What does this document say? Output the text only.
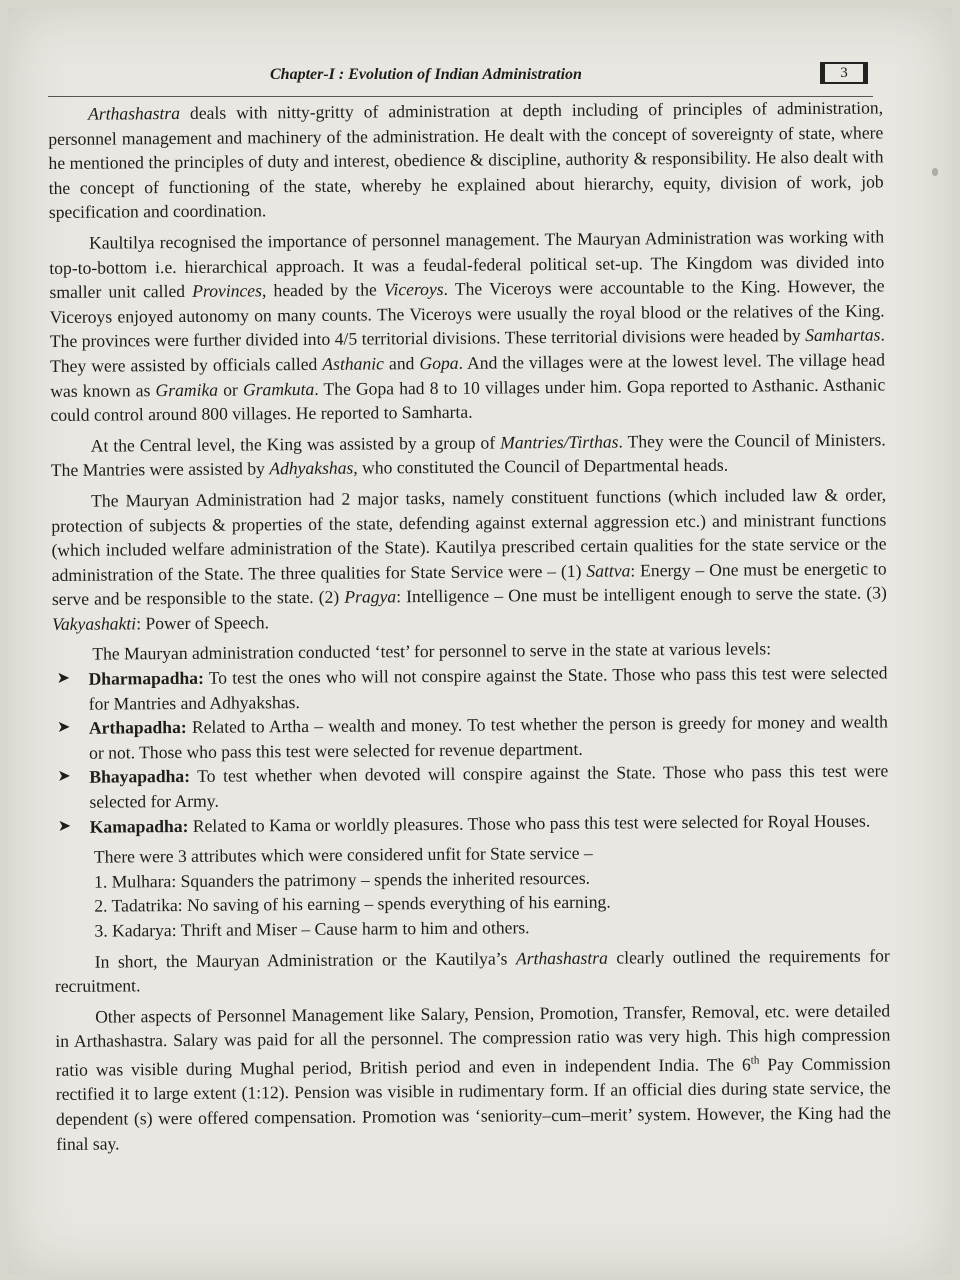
Chapter-I : Evolution of Indian Administration	3

Arthashastra deals with nitty-gritty of administration at depth including of principles of administration, personnel management and machinery of the administration. He dealt with the concept of sovereignty of state, where he mentioned the principles of duty and interest, obedience & discipline, authority & responsibility. He also dealt with the concept of functioning of the state, whereby he explained about hierarchy, equity, division of work, job specification and coordination.

Kaultilya recognised the importance of personnel management. The Mauryan Administration was working with top-to-bottom i.e. hierarchical approach. It was a feudal-federal political set-up. The Kingdom was divided into smaller unit called Provinces, headed by the Viceroys. The Viceroys were accountable to the King. However, the Viceroys enjoyed autonomy on many counts. The Viceroys were usually the royal blood or the relatives of the King. The provinces were further divided into 4/5 territorial divisions. These territorial divisions were headed by Samhartas. They were assisted by officials called Asthanic and Gopa. And the villages were at the lowest level. The village head was known as Gramika or Gramkuta. The Gopa had 8 to 10 villages under him. Gopa reported to Asthanic. Asthanic could control around 800 villages. He reported to Samharta.

At the Central level, the King was assisted by a group of Mantries/Tirthas. They were the Council of Ministers. The Mantries were assisted by Adhyakshas, who constituted the Council of Departmental heads.

The Mauryan Administration had 2 major tasks, namely constituent functions (which included law & order, protection of subjects & properties of the state, defending against external aggression etc.) and ministrant functions (which included welfare administration of the State). Kautilya prescribed certain qualities for the state service or the administration of the State. The three qualities for State Service were – (1) Sattva: Energy – One must be energetic to serve and be responsible to the state. (2) Pragya: Intelligence – One must be intelligent enough to serve the state. (3) Vakyashakti: Power of Speech.

The Mauryan administration conducted ‘test’ for personnel to serve in the state at various levels:

➤ Dharmapadha: To test the ones who will not conspire against the State. Those who pass this test were selected for Mantries and Adhyakshas.
➤ Arthapadha: Related to Artha – wealth and money. To test whether the person is greedy for money and wealth or not. Those who pass this test were selected for revenue department.
➤ Bhayapadha: To test whether when devoted will conspire against the State. Those who pass this test were selected for Army.
➤ Kamapadha: Related to Kama or worldly pleasures. Those who pass this test were selected for Royal Houses.

There were 3 attributes which were considered unfit for State service –

1. Mulhara: Squanders the patrimony – spends the inherited resources.
2. Tadatrika: No saving of his earning – spends everything of his earning.
3. Kadarya: Thrift and Miser – Cause harm to him and others.

In short, the Mauryan Administration or the Kautilya’s Arthashastra clearly outlined the requirements for recruitment.

Other aspects of Personnel Management like Salary, Pension, Promotion, Transfer, Removal, etc. were detailed in Arthashastra. Salary was paid for all the personnel. The compression ratio was very high. This high compression ratio was visible during Mughal period, British period and even in independent India. The 6th Pay Commission rectified it to large extent (1:12). Pension was visible in rudimentary form. If an official dies during state service, the dependent (s) were offered compensation. Promotion was ‘seniority–cum–merit’ system. However, the King had the final say.
